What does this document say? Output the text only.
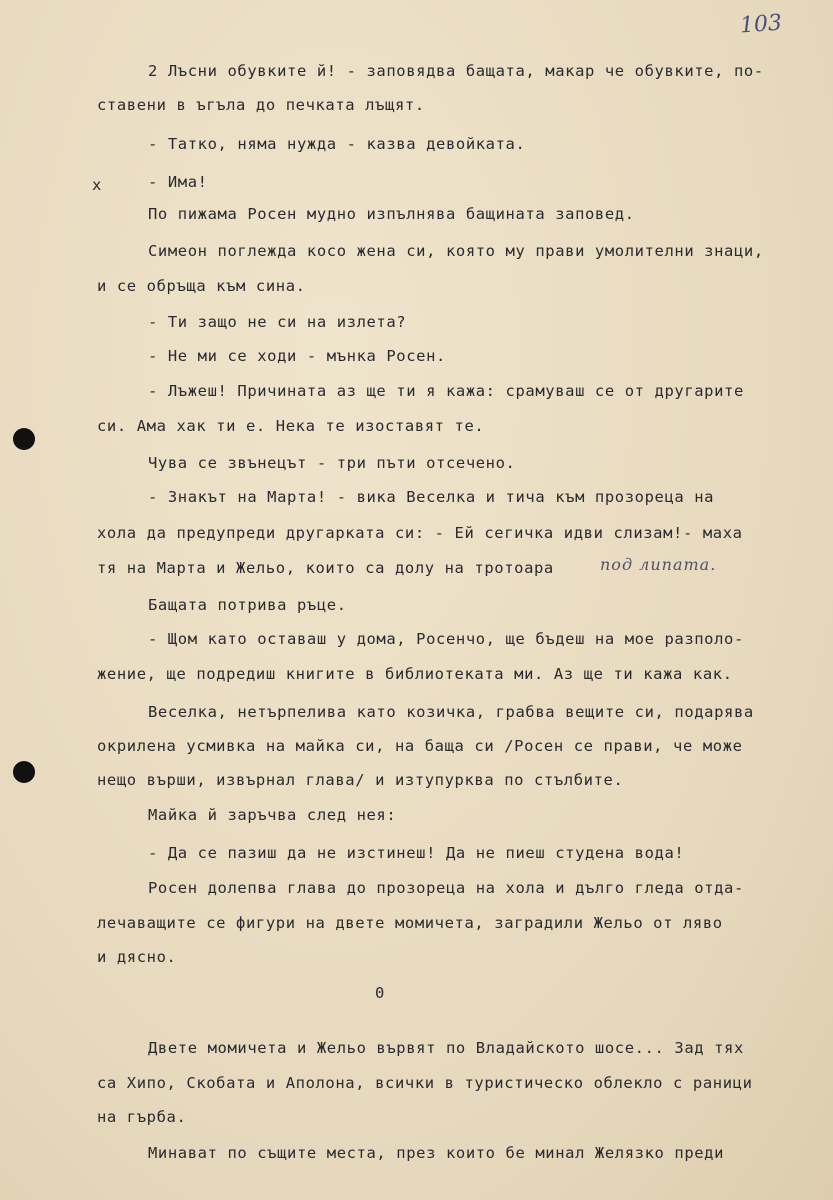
103
x
2 Лъсни обувките й! - заповядва бащата, макар че обувките, по-
ставени в ъгъла до печката лъщят.
- Татко, няма нужда - казва девойката.
- Има!
По пижама Росен мудно изпълнява бащината заповед.
Симеон поглежда косо жена си, която му прави умолителни знаци,
и се обръща към сина.
- Ти защо не си на излета?
- Не ми се ходи - мънка Росен.
- Лъжеш! Причината аз ще ти я кажа: срамуваш се от другарите
си. Ама хак ти е. Нека те изоставят те.
Чува се звънецът - три пъти отсечено.
- Знакът на Марта! - вика Веселка и тича към прозореца на
хола да предупреди другарката си: - Ей сегичка идви слизам!- маха
тя на Марта и Жельо, които са долу на тротоара	под липата.
Бащата потрива ръце.
- Щом като оставаш у дома, Росенчо, ще бъдеш на мое разполо-
жение, ще подредиш книгите в библиотеката ми. Аз ще ти кажа как.
Веселка, нетърпелива като козичка, грабва вещите си, подарява
окрилена усмивка на майка си, на баща си /Росен се прави, че може
нещо върши, извърнал глава/ и изтупурква по стълбите.
Майка й заръчва след нея:
- Да се пазиш да не изстинеш! Да не пиеш студена вода!
Росен долепва глава до прозореца на хола и дълго гледа отда-
лечаващите се фигури на двете момичета, заградили Жельо от ляво
и дясно.
0
Двете момичета и Жельо вървят по Владайското шосе... Зад тях
са Хипо, Скобата и Аполона, всички в туристическо облекло с раници
на гърба.
Минават по същите места, през които бе минал Желязко преди
